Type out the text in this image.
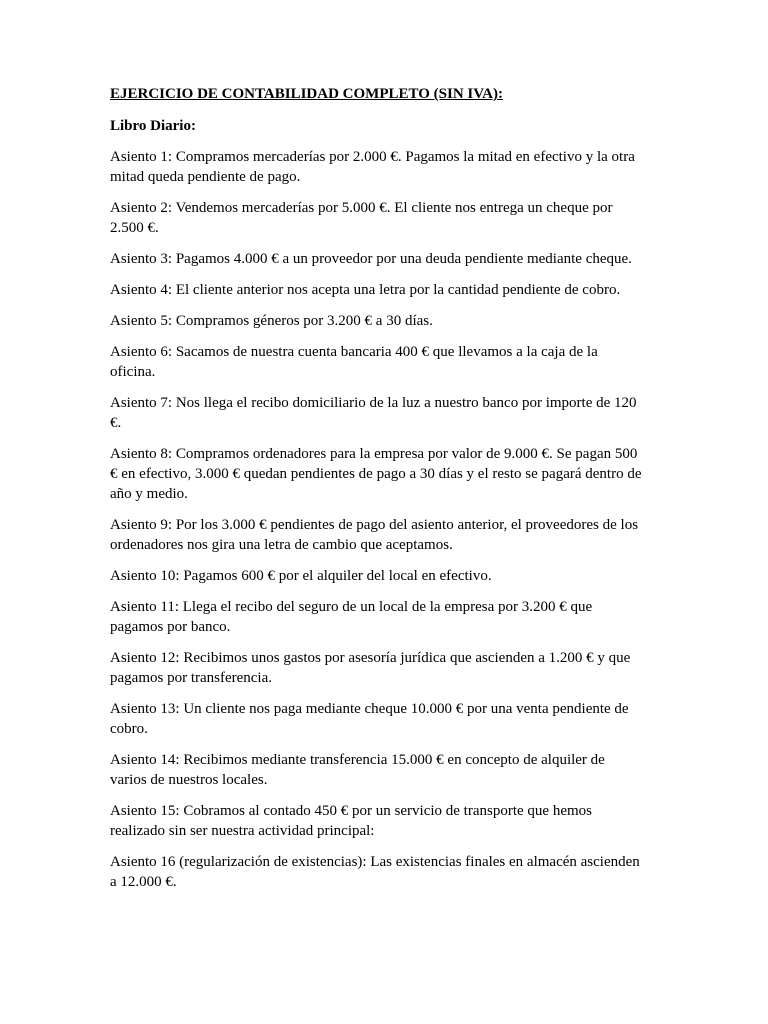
EJERCICIO DE CONTABILIDAD COMPLETO (SIN IVA):
Libro Diario:
Asiento 1: Compramos mercaderías por 2.000 €. Pagamos la mitad en efectivo y la otra
mitad queda pendiente de pago.
Asiento 2: Vendemos mercaderías por 5.000 €. El cliente nos entrega un cheque por
2.500 €.
Asiento 3: Pagamos 4.000 € a un proveedor por una deuda pendiente mediante cheque.
Asiento 4: El cliente anterior nos acepta una letra por la cantidad pendiente de cobro.
Asiento 5: Compramos géneros por 3.200 € a 30 días.
Asiento 6: Sacamos de nuestra cuenta bancaria 400 € que llevamos a la caja de la
oficina.
Asiento 7: Nos llega el recibo domiciliario de la luz a nuestro banco por importe de 120
€.
Asiento 8: Compramos ordenadores para la empresa por valor de 9.000 €. Se pagan 500
€ en efectivo, 3.000 € quedan pendientes de pago a 30 días y el resto se pagará dentro de
año y medio.
Asiento 9: Por los 3.000 € pendientes de pago del asiento anterior, el proveedores de los
ordenadores nos gira una letra de cambio que aceptamos.
Asiento 10: Pagamos 600 € por el alquiler del local en efectivo.
Asiento 11: Llega el recibo del seguro de un local de la empresa por 3.200 € que
pagamos por banco.
Asiento 12: Recibimos unos gastos por asesoría jurídica que ascienden a 1.200 € y que
pagamos por transferencia.
Asiento 13: Un cliente nos paga mediante cheque 10.000 € por una venta pendiente de
cobro.
Asiento 14: Recibimos mediante transferencia 15.000 € en concepto de alquiler de
varios de nuestros locales.
Asiento 15: Cobramos al contado 450 € por un servicio de transporte que hemos
realizado sin ser nuestra actividad principal:
Asiento 16 (regularización de existencias): Las existencias finales en almacén ascienden
a 12.000 €.
